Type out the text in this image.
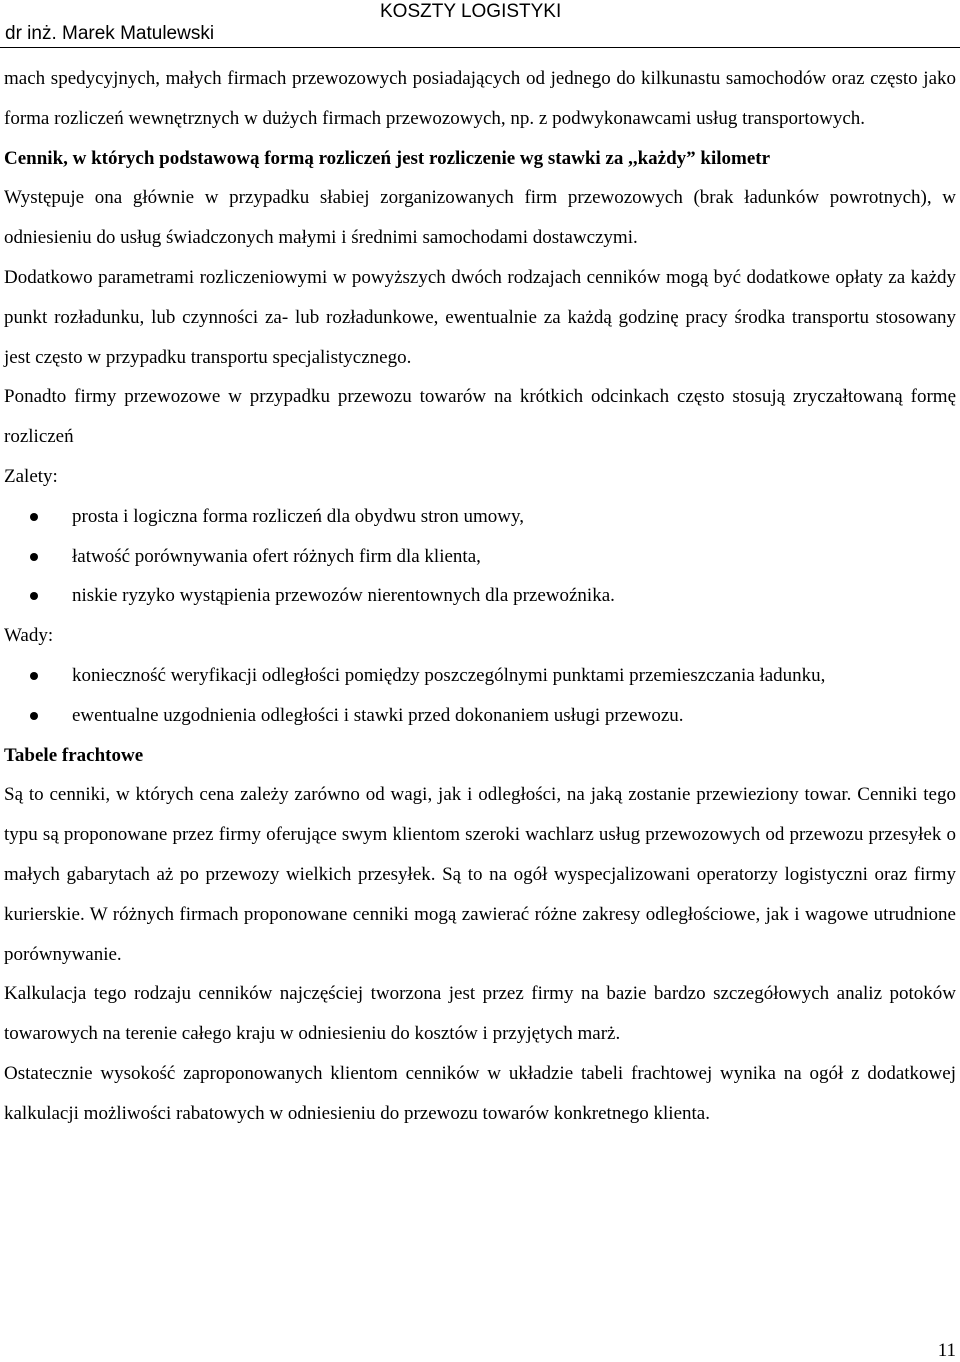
KOSZTY LOGISTYKI
dr inż. Marek Matulewski

mach spedycyjnych, małych firmach przewozowych posiadających od jednego do kilkunastu samochodów oraz często jako forma rozliczeń wewnętrznych w dużych firmach przewozowych, np. z podwykonawcami usług transportowych.

Cennik, w których podstawową formą rozliczeń jest rozliczenie wg stawki za ,,każdy” kilometr

Występuje ona głównie w przypadku słabiej zorganizowanych firm przewozowych (brak ładunków powrotnych), w odniesieniu do usług świadczonych małymi i średnimi samochodami dostawczymi.

Dodatkowo parametrami rozliczeniowymi w powyższych dwóch rodzajach cenników mogą być dodatkowe opłaty za każdy punkt rozładunku, lub czynności za- lub rozładunkowe, ewentualnie za każdą godzinę pracy środka transportu stosowany jest często w przypadku transportu specjalistycznego.

Ponadto firmy przewozowe w przypadku przewozu towarów na krótkich odcinkach często stosują zryczałtowaną formę rozliczeń

Zalety:

prosta i logiczna forma rozliczeń dla obydwu stron umowy,
łatwość porównywania ofert różnych firm dla klienta,
niskie ryzyko wystąpienia przewozów nierentownych dla przewoźnika.

Wady:

konieczność weryfikacji odległości pomiędzy poszczególnymi punktami przemieszczania ładunku,
ewentualne uzgodnienia odległości i stawki przed dokonaniem usługi przewozu.

Tabele frachtowe

Są to cenniki, w których cena zależy zarówno od wagi, jak i odległości, na jaką zostanie przewieziony towar. Cenniki tego typu są proponowane przez firmy oferujące swym klientom szeroki wachlarz usług przewozowych od przewozu przesyłek o małych gabarytach aż po przewozy wielkich przesyłek. Są to na ogół wyspecjalizowani operatorzy logistyczni oraz firmy kurierskie. W różnych firmach proponowane cenniki mogą zawierać różne zakresy odległościowe, jak i wagowe utrudnione porównywanie.

Kalkulacja tego rodzaju cenników najczęściej tworzona jest przez firmy na bazie bardzo szczegółowych analiz potoków towarowych na terenie całego kraju w odniesieniu do kosztów i przyjętych marż.

Ostatecznie wysokość zaproponowanych klientom cenników w układzie tabeli frachtowej wynika na ogół z dodatkowej kalkulacji możliwości rabatowych w odniesieniu do przewozu towarów konkretnego klienta.

11
